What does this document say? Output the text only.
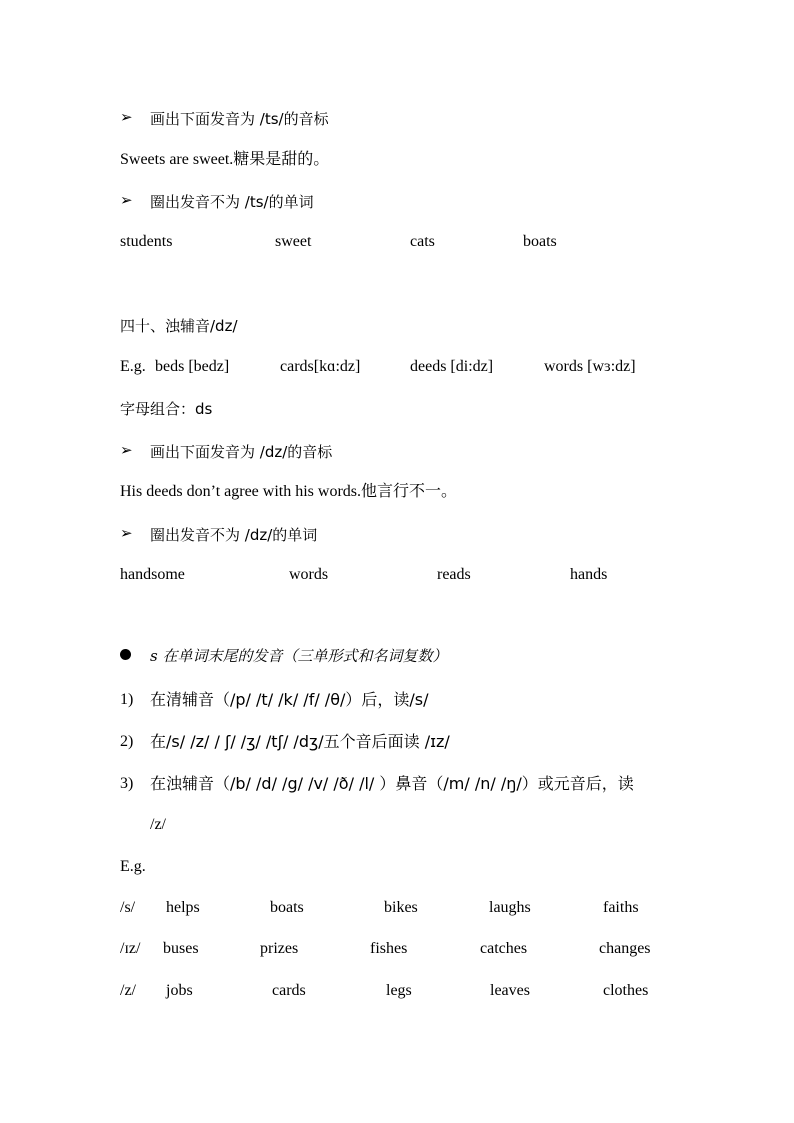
➢ 画出下面发音为 /ts/的音标
Sweets are sweet.糖果是甜的。
➢ 圈出发音不为 /ts/的单词
students	sweet	cats	boats
四十、浊辅音/dz/
E.g. beds [bedz]	cards[kɑ:dz]	deeds [di:dz]	words [wɜ:dz]
字母组合：ds
➢ 画出下面发音为 /dz/的音标
His deeds don’t agree with his words.他言行不一。
➢ 圈出发音不为 /dz/的单词
handsome	words	reads	hands
s 在单词末尾的发音（三单形式和名词复数）
1) 在清辅音（/p/ /t/ /k/ /f/ /θ/）后，读/s/
2) 在/s/ /z/ / ʃ/ /ʒ/ /tʃ/ /dʒ/五个音后面读 /ɪz/
3) 在浊辅音（/b/ /d/ /g/ /v/ /ð/ /l/ ）鼻音（/m/ /n/ /ŋ/）或元音后，读
/z/
E.g.
/s/ helps	boats	bikes	laughs	faiths
/ɪz/ buses	prizes	fishes	catches	changes
/z/ jobs	cards	legs	leaves	clothes
